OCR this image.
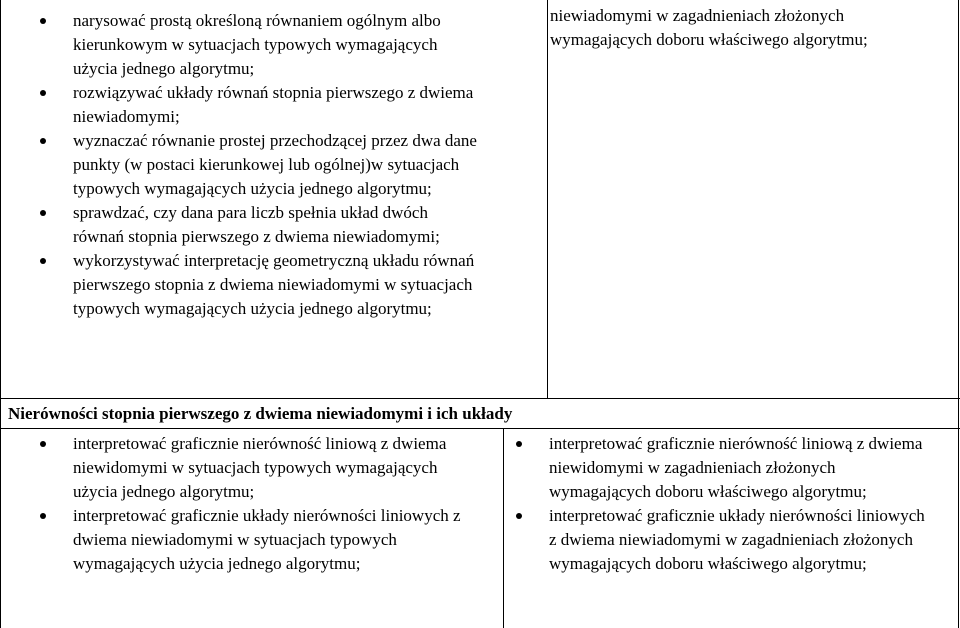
narysować prostą określoną równaniem ogólnym albo kierunkowym w sytuacjach typowych wymagających użycia jednego algorytmu;
rozwiązywać układy równań stopnia pierwszego z dwiema niewiadomymi;
wyznaczać równanie prostej przechodzącej przez dwa dane punkty (w postaci kierunkowej lub ogólnej)w sytuacjach typowych wymagających użycia jednego algorytmu;
sprawdzać, czy dana para liczb spełnia układ dwóch równań stopnia pierwszego z dwiema niewiadomymi;
wykorzystywać interpretację geometryczną układu równań pierwszego stopnia z dwiema niewiadomymi w sytuacjach typowych wymagających użycia jednego algorytmu;

niewiadomymi w zagadnieniach złożonych wymagających doboru właściwego algorytmu;

Nierówności stopnia pierwszego z dwiema niewiadomymi i ich układy
interpretować graficznie nierówność liniową z dwiema niewidomymi w sytuacjach typowych wymagających użycia jednego algorytmu;
interpretować graficznie układy nierówności liniowych z dwiema niewiadomymi w sytuacjach typowych wymagających użycia jednego algorytmu;
interpretować graficznie nierówność liniową z dwiema niewidomymi w zagadnieniach złożonych wymagających doboru właściwego algorytmu;
interpretować graficznie układy nierówności liniowych z dwiema niewiadomymi w zagadnieniach złożonych wymagających doboru właściwego algorytmu;
